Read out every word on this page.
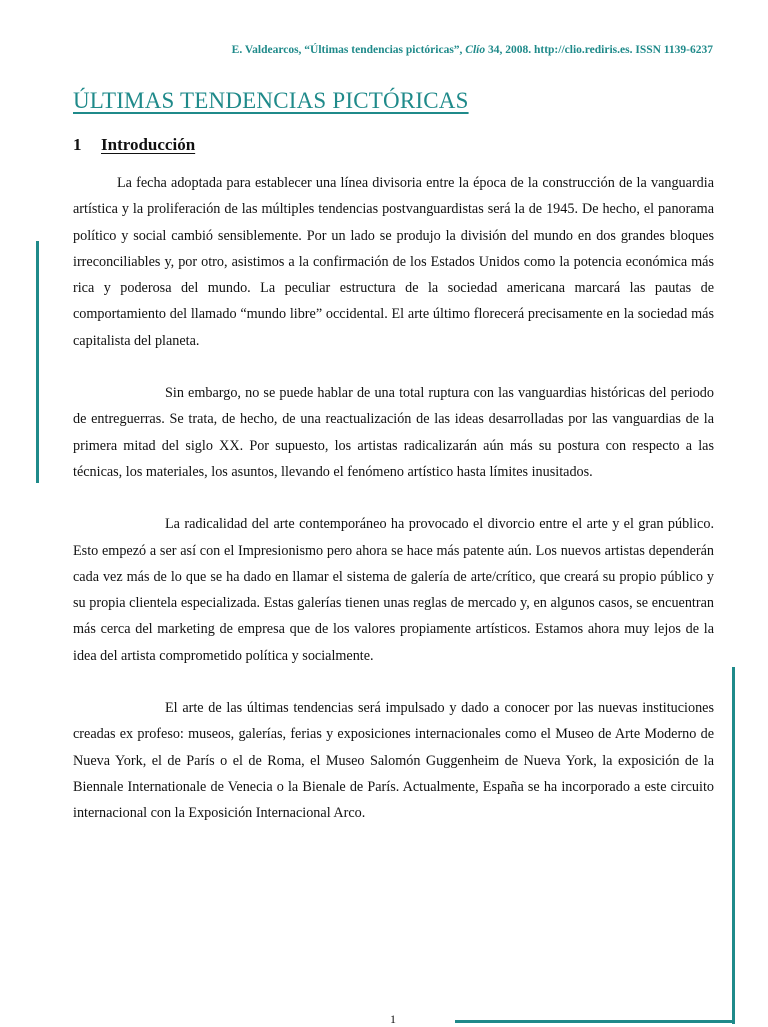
E. Valdearcos, “Últimas tendencias pictóricas”, Clío 34, 2008. http://clio.rediris.es. ISSN 1139-6237
ÚLTIMAS TENDENCIAS PICTÓRICAS
1 Introducción

La fecha adoptada para establecer una línea divisoria entre la época de la construcción de la vanguardia artística y la proliferación de las múltiples tendencias postvanguardistas será la de 1945. De hecho, el panorama político y social cambió sensiblemente. Por un lado se produjo la división del mundo en dos grandes bloques irreconciliables y, por otro, asistimos a la confirmación de los Estados Unidos como la potencia económica más rica y poderosa del mundo. La peculiar estructura de la sociedad americana marcará las pautas de comportamiento del llamado “mundo libre” occidental. El arte último florecerá precisamente en la sociedad más capitalista del planeta.

Sin embargo, no se puede hablar de una total ruptura con las vanguardias históricas del periodo de entreguerras. Se trata, de hecho, de una reactualización de las ideas desarrolladas por las vanguardias de la primera mitad del siglo XX. Por supuesto, los artistas radicalizarán aún más su postura con respecto a las técnicas, los materiales, los asuntos, llevando el fenómeno artístico hasta límites inusitados.

La radicalidad del arte contemporáneo ha provocado el divorcio entre el arte y el gran público. Esto empezó a ser así con el Impresionismo pero ahora se hace más patente aún. Los nuevos artistas dependerán cada vez más de lo que se ha dado en llamar el sistema de galería de arte/crítico, que creará su propio público y su propia clientela especializada. Estas galerías tienen unas reglas de mercado y, en algunos casos, se encuentran más cerca del marketing de empresa que de los valores propiamente artísticos. Estamos ahora muy lejos de la idea del artista comprometido política y socialmente.

El arte de las últimas tendencias será impulsado y dado a conocer por las nuevas instituciones creadas ex profeso: museos, galerías, ferias y exposiciones internacionales como el Museo de Arte Moderno de Nueva York, el de París o el de Roma, el Museo Salomón Guggenheim de Nueva York, la exposición de la Biennale Internationale de Venecia o la Bienale de París. Actualmente, España se ha incorporado a este circuito internacional con la Exposición Internacional Arco.

1
